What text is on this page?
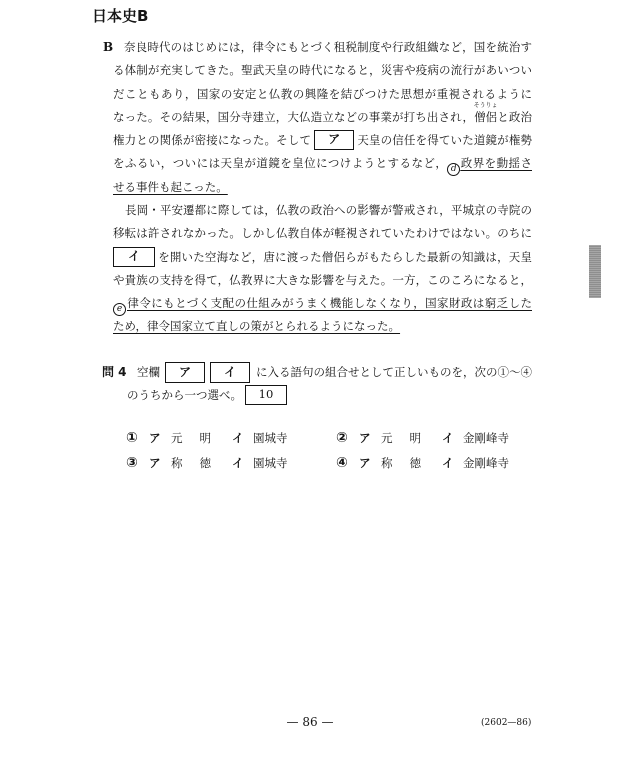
日本史B
B 奈良時代のはじめには，律令にもとづく租税制度や行政組織など，国を統治す
る体制が充実してきた。聖武天皇の時代になると，災害や疫病の流行があいつい
だこともあり，国家の安定と仏教の興隆を結びつけた思想が重視されるように
なった。その結果，国分寺建立，大仏造立などの事業が打ち出され，僧侶
そうりょ
と政治
権力との関係が密接になった。そして ア 天皇の信任を得ていた道鏡が権勢
をふるい，ついには天皇が道鏡を皇位につけようとするなど， d 政界を動揺さ
せる事件も起こった。
長岡・平安遷都に際しては，仏教の政治への影響が警戒され，平城京の寺院の
移転は許されなかった。しかし仏教自体が軽視されていたわけではない。のちに
イ を開いた空海など，唐に渡った僧侶らがもたらした最新の知識は，天皇
や貴族の支持を得て，仏教界に大きな影響を与えた。一方，このころになると，
e 律令にもとづく支配の仕組みがうまく機能しなくなり，国家財政は窮乏した
ため，律令国家立て直しの策がとられるようになった。
問 4 空欄 ア	イ に入る語句の組合せとして正しいものを，次の①～④
のうちから一つ選べ。 10
① ア 元　明 イ 園城寺	② ア 元　明 イ 金剛峰寺
③ ア 称　徳 イ 園城寺	④ ア 称　徳 イ 金剛峰寺
— 86 —	(2602—86)
